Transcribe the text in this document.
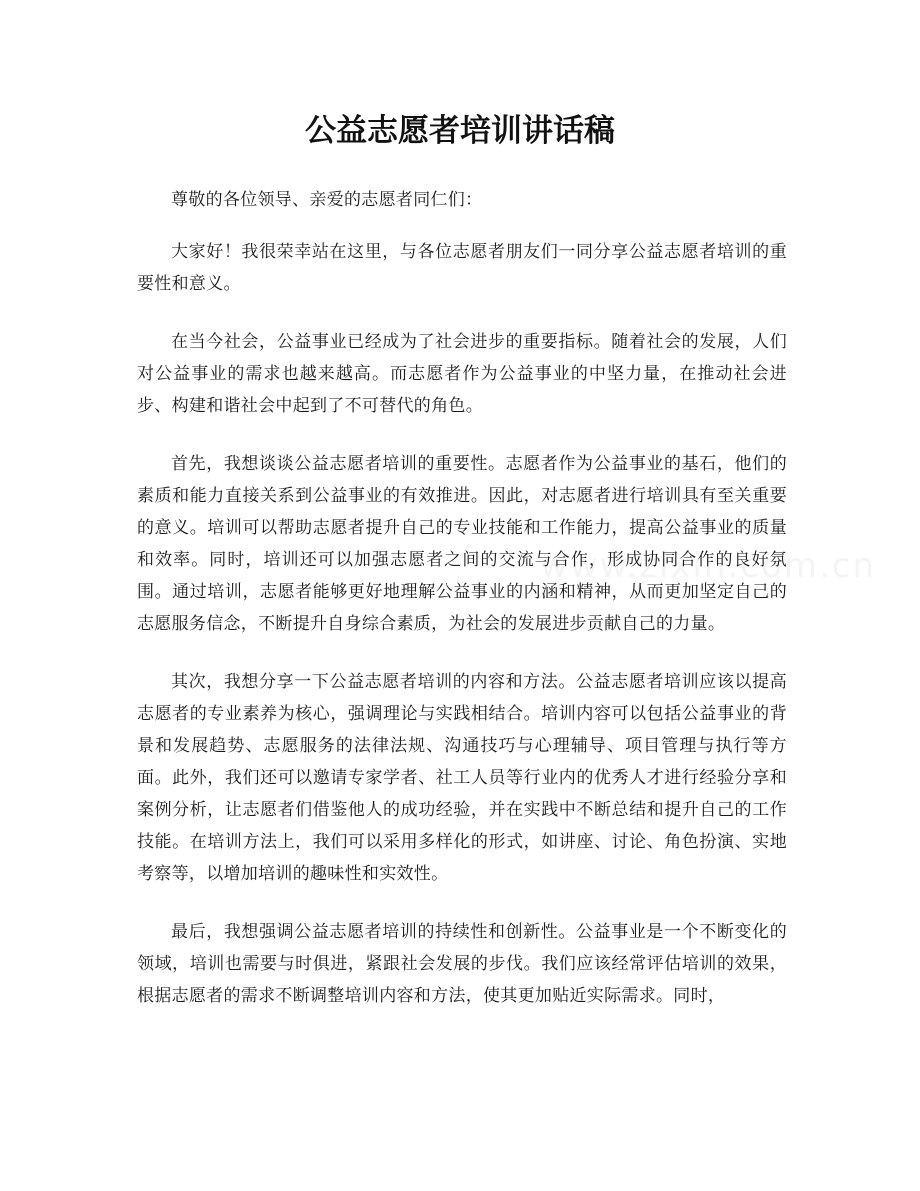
公益志愿者培训讲话稿

尊敬的各位领导、亲爱的志愿者同仁们：

大家好！我很荣幸站在这里，与各位志愿者朋友们一同分享公益志愿者培训的重要性和意义。

在当今社会，公益事业已经成为了社会进步的重要指标。随着社会的发展，人们对公益事业的需求也越来越高。而志愿者作为公益事业的中坚力量，在推动社会进步、构建和谐社会中起到了不可替代的角色。

首先，我想谈谈公益志愿者培训的重要性。志愿者作为公益事业的基石，他们的素质和能力直接关系到公益事业的有效推进。因此，对志愿者进行培训具有至关重要的意义。培训可以帮助志愿者提升自己的专业技能和工作能力，提高公益事业的质量和效率。同时，培训还可以加强志愿者之间的交流与合作，形成协同合作的良好氛围。通过培训，志愿者能够更好地理解公益事业的内涵和精神，从而更加坚定自己的志愿服务信念，不断提升自身综合素质，为社会的发展进步贡献自己的力量。

其次，我想分享一下公益志愿者培训的内容和方法。公益志愿者培训应该以提高志愿者的专业素养为核心，强调理论与实践相结合。培训内容可以包括公益事业的背景和发展趋势、志愿服务的法律法规、沟通技巧与心理辅导、项目管理与执行等方面。此外，我们还可以邀请专家学者、社工人员等行业内的优秀人才进行经验分享和案例分析，让志愿者们借鉴他人的成功经验，并在实践中不断总结和提升自己的工作技能。在培训方法上，我们可以采用多样化的形式，如讲座、讨论、角色扮演、实地考察等，以增加培训的趣味性和实效性。

最后，我想强调公益志愿者培训的持续性和创新性。公益事业是一个不断变化的领域，培训也需要与时俱进，紧跟社会发展的步伐。我们应该经常评估培训的效果，根据志愿者的需求不断调整培训内容和方法，使其更加贴近实际需求。同时，
